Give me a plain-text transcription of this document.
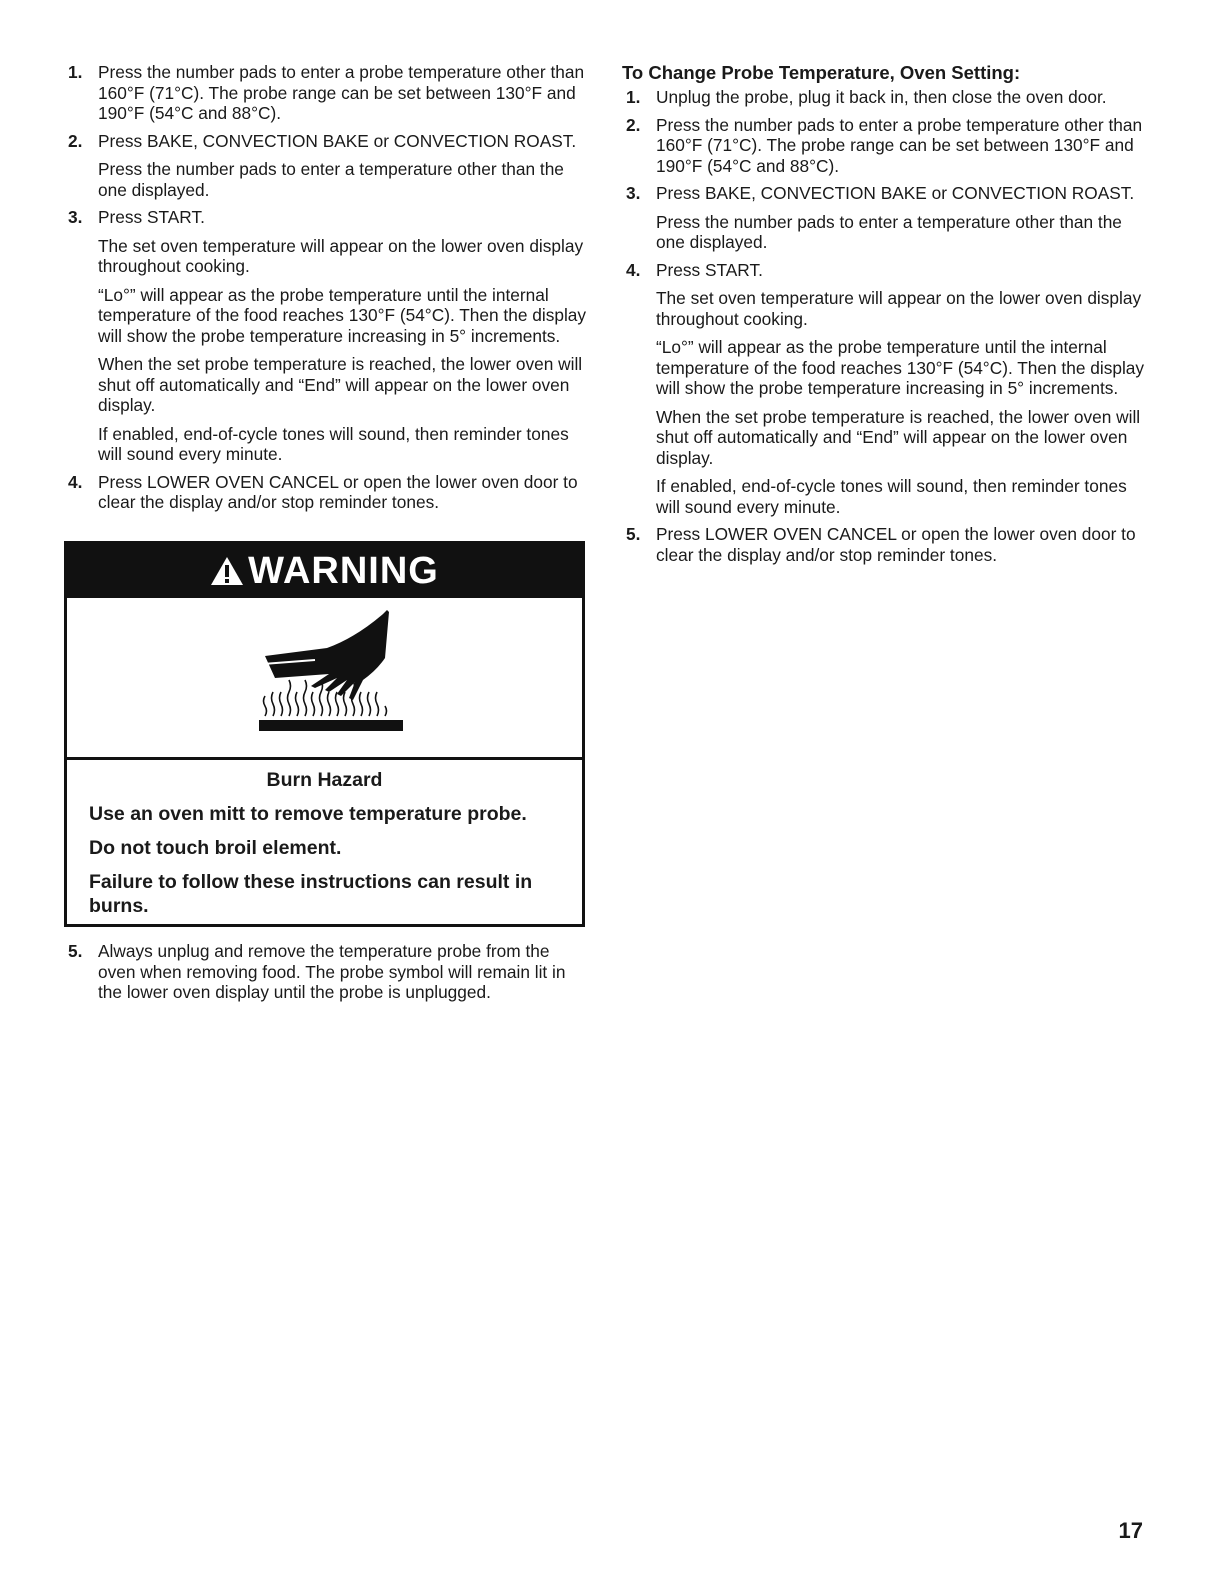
1. Press the number pads to enter a probe temperature other than 160°F (71°C). The probe range can be set between 130°F and 190°F (54°C and 88°C).

2. Press BAKE, CONVECTION BAKE or CONVECTION ROAST.

Press the number pads to enter a temperature other than the one displayed.

3. Press START.

The set oven temperature will appear on the lower oven display throughout cooking.

“Lo°” will appear as the probe temperature until the internal temperature of the food reaches 130°F (54°C). Then the display will show the probe temperature increasing in 5° increments.

When the set probe temperature is reached, the lower oven will shut off automatically and “End” will appear on the lower oven display.

If enabled, end-of-cycle tones will sound, then reminder tones will sound every minute.

4. Press LOWER OVEN CANCEL or open the lower oven door to clear the display and/or stop reminder tones.

WARNING

Burn Hazard

Use an oven mitt to remove temperature probe.

Do not touch broil element.

Failure to follow these instructions can result in burns.

5. Always unplug and remove the temperature probe from the oven when removing food. The probe symbol will remain lit in the lower oven display until the probe is unplugged.

To Change Probe Temperature, Oven Setting:
1. Unplug the probe, plug it back in, then close the oven door.

2. Press the number pads to enter a probe temperature other than 160°F (71°C). The probe range can be set between 130°F and 190°F (54°C and 88°C).

3. Press BAKE, CONVECTION BAKE or CONVECTION ROAST.

Press the number pads to enter a temperature other than the one displayed.

4. Press START.

The set oven temperature will appear on the lower oven display throughout cooking.

“Lo°” will appear as the probe temperature until the internal temperature of the food reaches 130°F (54°C). Then the display will show the probe temperature increasing in 5° increments.

When the set probe temperature is reached, the lower oven will shut off automatically and “End” will appear on the lower oven display.

If enabled, end-of-cycle tones will sound, then reminder tones will sound every minute.

5. Press LOWER OVEN CANCEL or open the lower oven door to clear the display and/or stop reminder tones.

17
